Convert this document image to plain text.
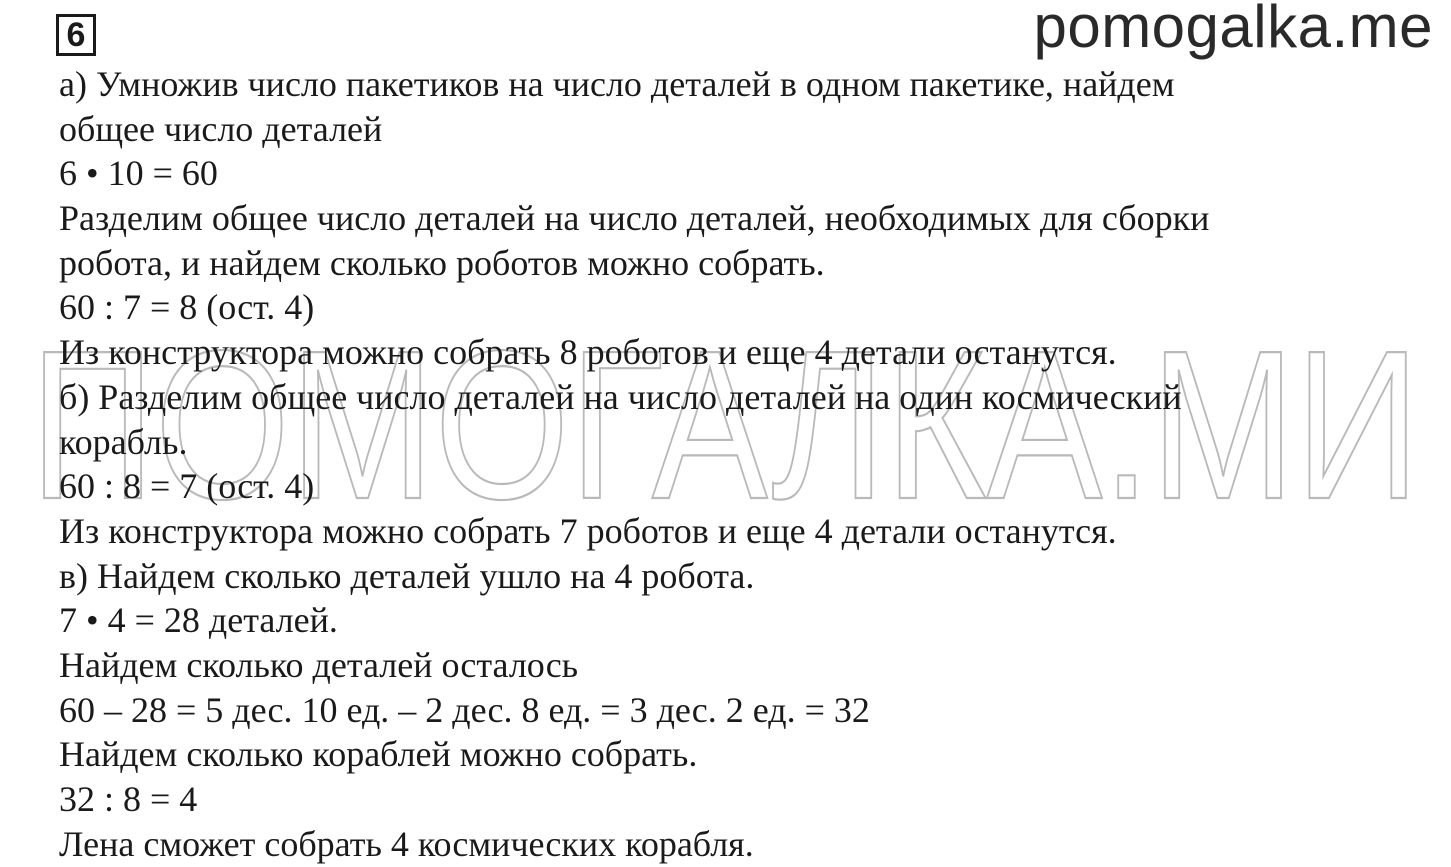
6	pomogalka.me
ПОМОГАЛКА.МИ
а) Умножив число пакетиков на число деталей в одном пакетике, найдем
общее число деталей
6 • 10 = 60
Разделим общее число деталей на число деталей, необходимых для сборки
робота, и найдем сколько роботов можно собрать.
60 : 7 = 8 (ост. 4)
Из конструктора можно собрать 8 роботов и еще 4 детали останутся.
б) Разделим общее число деталей на число деталей на один космический
корабль.
60 : 8 = 7 (ост. 4)
Из конструктора можно собрать 7 роботов и еще 4 детали останутся.
в) Найдем сколько деталей ушло на 4 робота.
7 • 4 = 28 деталей.
Найдем сколько деталей осталось
60 – 28 = 5 дес. 10 ед. – 2 дес. 8 ед. = 3 дес. 2 ед. = 32
Найдем сколько кораблей можно собрать.
32 : 8 = 4
Лена сможет собрать 4 космических корабля.
